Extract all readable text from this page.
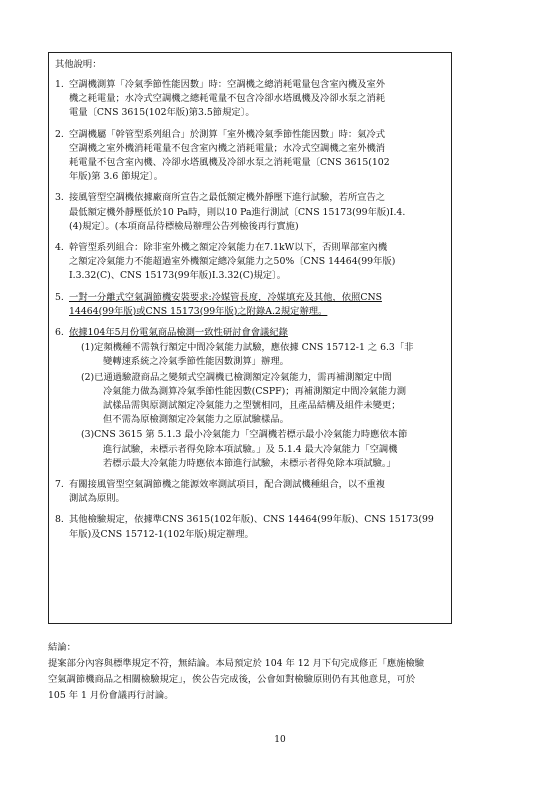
其他說明：
1. 空調機測算「冷氣季節性能因數」時：空調機之總消耗電量包含室內機及室外
機之耗電量；水冷式空調機之總耗電量不包含冷卻水塔風機及冷卻水泵之消耗
電量〔CNS 3615(102年版)第3.5節規定〕。
2. 空調機屬「幹管型系列組合」於測算「室外機冷氣季節性能因數」時：氣冷式
空調機之室外機消耗電量不包含室內機之消耗電量；水冷式空調機之室外機消
耗電量不包含室內機、冷卻水塔風機及冷卻水泵之消耗電量〔CNS 3615(102
年版)第 3.6 節規定〕。
3. 接風管型空調機依據廠商所宣告之最低額定機外靜壓下進行試驗，若所宣告之
最低額定機外靜壓低於10 Pa時，則以10 Pa進行測試〔CNS 15173(99年版)I.4.
(4)規定〕。(本項商品待標檢局辦理公告列檢後再行實施)
4. 幹管型系列組合：除非室外機之額定冷氣能力在7.1kW以下，否則單部室內機
之額定冷氣能力不能超過室外機額定總冷氣能力之50%〔CNS 14464(99年版)
I.3.32(C)、CNS 15173(99年版)I.3.32(C)規定〕。
5. 一對一分離式空氣調節機安裝要求:冷媒管長度，冷媒填充及其他，依照CNS
14464(99年版)或CNS 15173(99年版)之附錄A.2規定辦理。
6. 依據104年5月份電氣商品檢測一致性研討會會議紀錄
(1)定頻機種不需執行額定中間冷氣能力試驗，應依據 CNS 15712-1 之 6.3「非
變轉速系統之冷氣季節性能因數測算」辦理。
(2)已通過驗證商品之變頻式空調機已檢測額定冷氣能力，需再補測額定中間
冷氣能力做為測算冷氣季節性能因數(CSPF)；再補測額定中間冷氣能力測
試樣品需與原測試額定冷氣能力之型號相同，且產品結構及組件未變更；
但不需為原檢測額定冷氣能力之原試驗樣品。
(3)CNS 3615 第 5.1.3 最小冷氣能力「空調機若標示最小冷氣能力時應依本節
進行試驗，未標示者得免除本項試驗。」及 5.1.4 最大冷氣能力「空調機
若標示最大冷氣能力時應依本節進行試驗，未標示者得免除本項試驗。」
7. 有關接風管型空氣調節機之能源效率測試項目，配合測試機種組合，以不重複
測試為原則。
8. 其他檢驗規定，依據準CNS 3615(102年版)、CNS 14464(99年版)、CNS 15173(99
年版)及CNS 15712-1(102年版)規定辦理。
結論：
提案部分內容與標準規定不符，無結論。本局預定於 104 年 12 月下旬完成修正「應施檢驗
空氣調節機商品之相關檢驗規定」，俟公告完成後，公會如對檢驗原則仍有其他意見，可於
105 年 1 月份會議再行討論。
10
